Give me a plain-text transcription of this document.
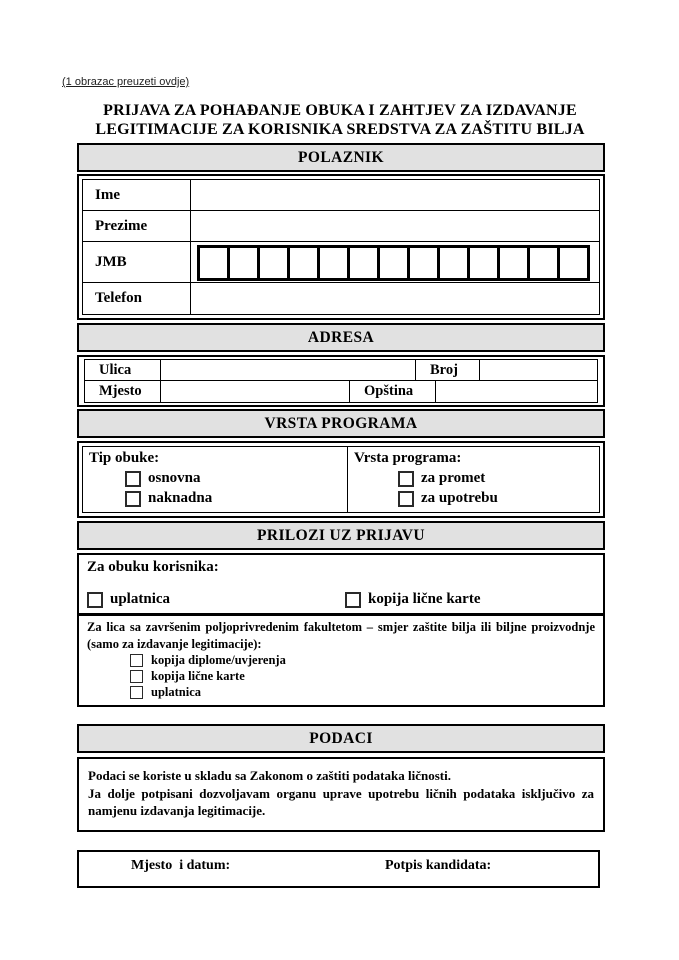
(1 obrazac preuzeti ovdje)
PRIJAVA ZA POHAĐANJE OBUKA I ZAHTJEV ZA IZDAVANJE
LEGITIMACIJE ZA KORISNIKA SREDSTVA ZA ZAŠTITU BILJA
POLAZNIK
Ime
Prezime
JMB
Telefon
ADRESA
Ulica	Broj
Mjesto	Opština
VRSTA PROGRAMA
Tip obuke:
osnovna
naknadna
Vrsta programa:
za promet
za upotrebu
PRILOZI UZ PRIJAVU
Za obuku korisnika:
uplatnica	kopija lične karte
Za lica sa završenim poljoprivredenim fakultetom – smjer zaštite bilja ili biljne proizvodnje (samo za izdavanje legitimacije):
kopija diplome/uvjerenja
kopija lične karte
uplatnica
PODACI
Podaci se koriste u skladu sa Zakonom o zaštiti podataka ličnosti.
Ja dolje potpisani dozvoljavam organu uprave upotrebu ličnih podataka isključivo za namjenu izdavanja legitimacije.
Mjesto  i datum:	Potpis kandidata:
